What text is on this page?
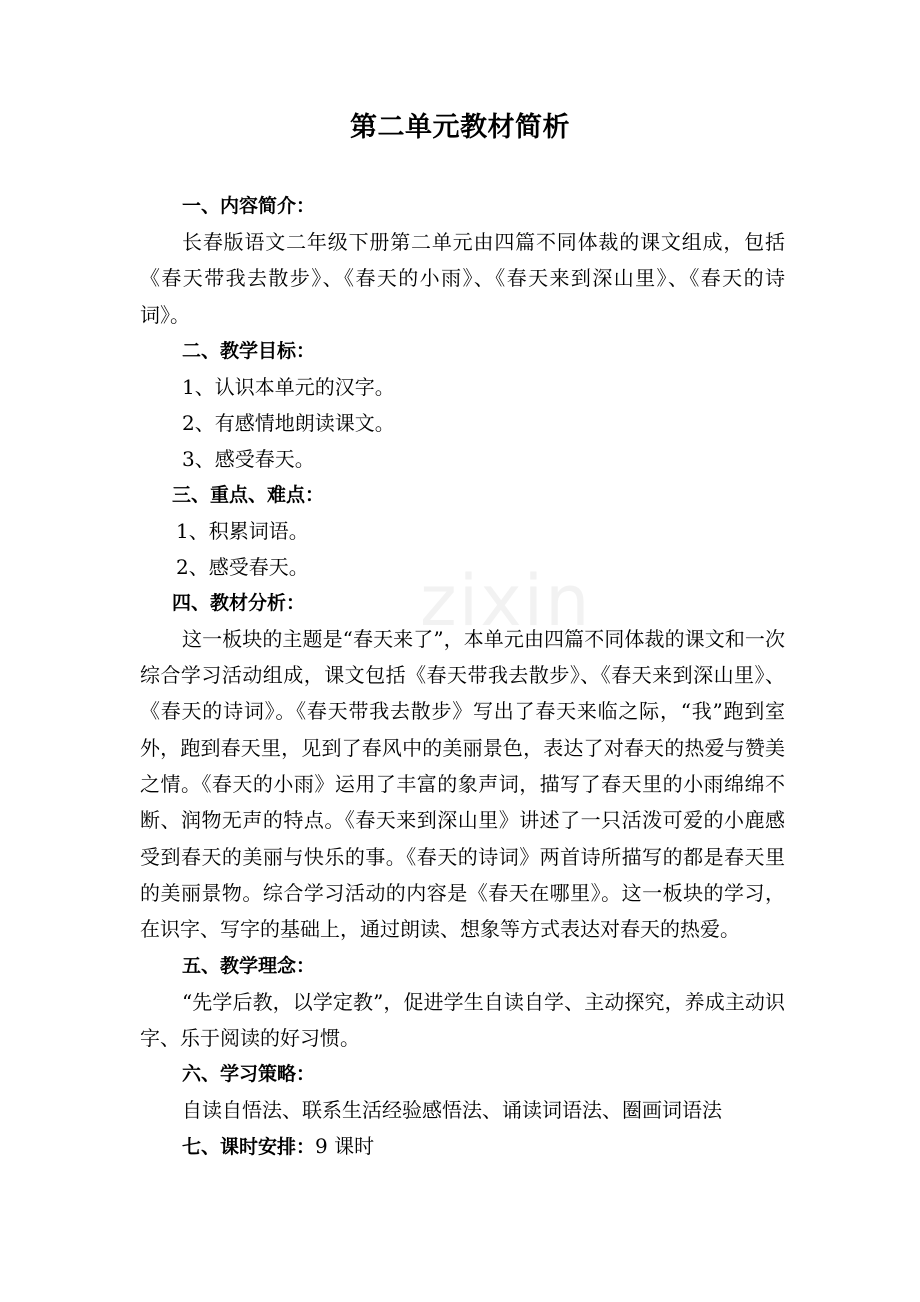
zixin
第二单元教材简析
一、内容简介：

长春版语文二年级下册第二单元由四篇不同体裁的课文组成，包括《春天带我去散步》、《春天的小雨》、《春天来到深山里》、《春天的诗词》。

二、教学目标：
1、认识本单元的汉字。
2、有感情地朗读课文。
3、感受春天。
三、重点、难点：
1、积累词语。
2、感受春天。
四、教材分析：

这一板块的主题是“春天来了”，本单元由四篇不同体裁的课文和一次综合学习活动组成，课文包括《春天带我去散步》、《春天来到深山里》、《春天的诗词》。《春天带我去散步》写出了春天来临之际，“我”跑到室外，跑到春天里，见到了春风中的美丽景色，表达了对春天的热爱与赞美之情。《春天的小雨》运用了丰富的象声词，描写了春天里的小雨绵绵不断、润物无声的特点。《春天来到深山里》讲述了一只活泼可爱的小鹿感受到春天的美丽与快乐的事。《春天的诗词》两首诗所描写的都是春天里的美丽景物。综合学习活动的内容是《春天在哪里》。这一板块的学习，在识字、写字的基础上，通过朗读、想象等方式表达对春天的热爱。

五、教学理念：

“先学后教，以学定教”，促进学生自读自学、主动探究，养成主动识字、乐于阅读的好习惯。

六、学习策略：
自读自悟法、联系生活经验感悟法、诵读词语法、圈画词语法
七、课时安排：9 课时
